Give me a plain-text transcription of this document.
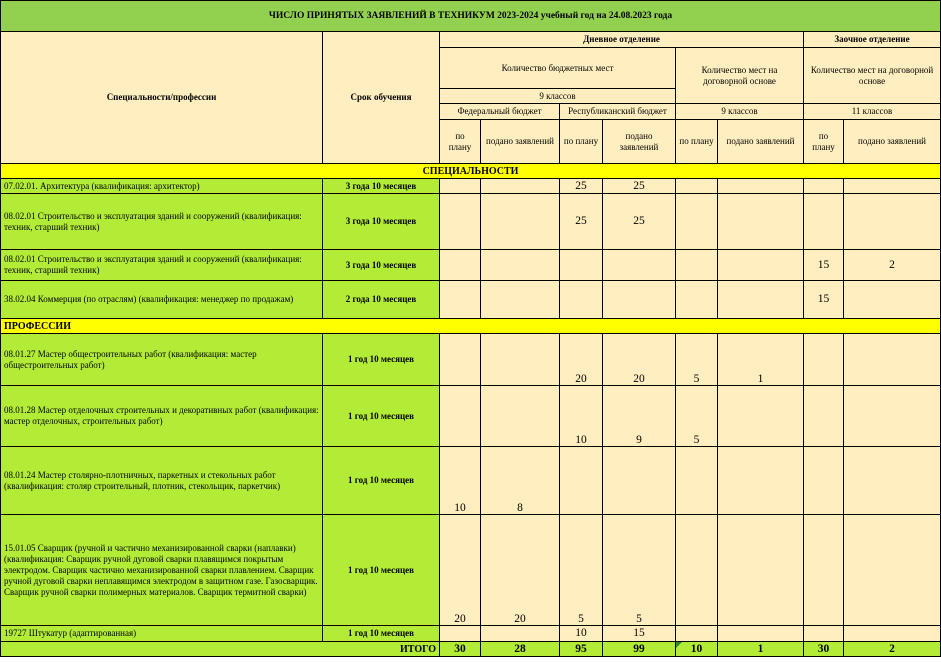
ЧИСЛО ПРИНЯТЫХ ЗАЯВЛЕНИЙ В ТЕХНИКУМ 2023-2024 учебный год на 24.08.2023 года									
Специальности/профессии	Срок обучения	Дневное отделение						Заочное отделение	
		Количество бюджетных мест				Количество мест на договорной основе		Количество мест на договорной основе	
		9 классов							
		Федеральный бюджет		Республиканский бюджет		9 классов		11 классов	
		по плану	подано заявлений	по плану	подано заявлений	по плану	подано заявлений	по плану	подано заявлений
СПЕЦИАЛЬНОСТИ									
07.02.01. Архитектура (квалификация: архитектор)	3 года 10 месяцев			25	25				
08.02.01 Строительство и эксплуатация зданий и сооружений (квалификация: техник, старший техник)	3 года 10 месяцев			25	25				
08.02.01 Строительство и эксплуатация зданий и сооружений (квалификация: техник, старший техник)	3 года 10 месяцев							15	2
38.02.04 Коммерция (по отраслям) (квалификация: менеджер по продажам)	2 года 10 месяцев							15	
ПРОФЕССИИ									
08.01.27 Мастер общестроительных работ (квалификация: мастер общестроительных работ)	1 год 10 месяцев			20	20	5	1		
08.01.28 Мастер отделочных строительных и декоративных работ (квалификация: мастер отделочных, строительных работ)	1 год 10 месяцев			10	9	5			
08.01.24 Мастер столярно-плотничных, паркетных и стекольных работ (квалификация: столяр строительный, плотник, стекольщик, паркетчик)	1 год 10 месяцев	10	8						
15.01.05 Сварщик (ручной и частично механизированной сварки (наплавки) (квалификация: Сварщик ручной дуговой сварки плавящимся покрытым электродом. Сварщик частично механизированной сварки плавлением. Сварщик ручной дуговой сварки неплавящимся электродом в защитном газе. Газосварщик. Сварщик ручной сварки полимерных материалов. Сварщик термитной сварки)	1 год 10 месяцев	20	20	5	5				
19727 Штукатур (адаптированная)	1 год 10 месяцев			10	15				
ИТОГО		30	28	95	99	10	1	30	2
